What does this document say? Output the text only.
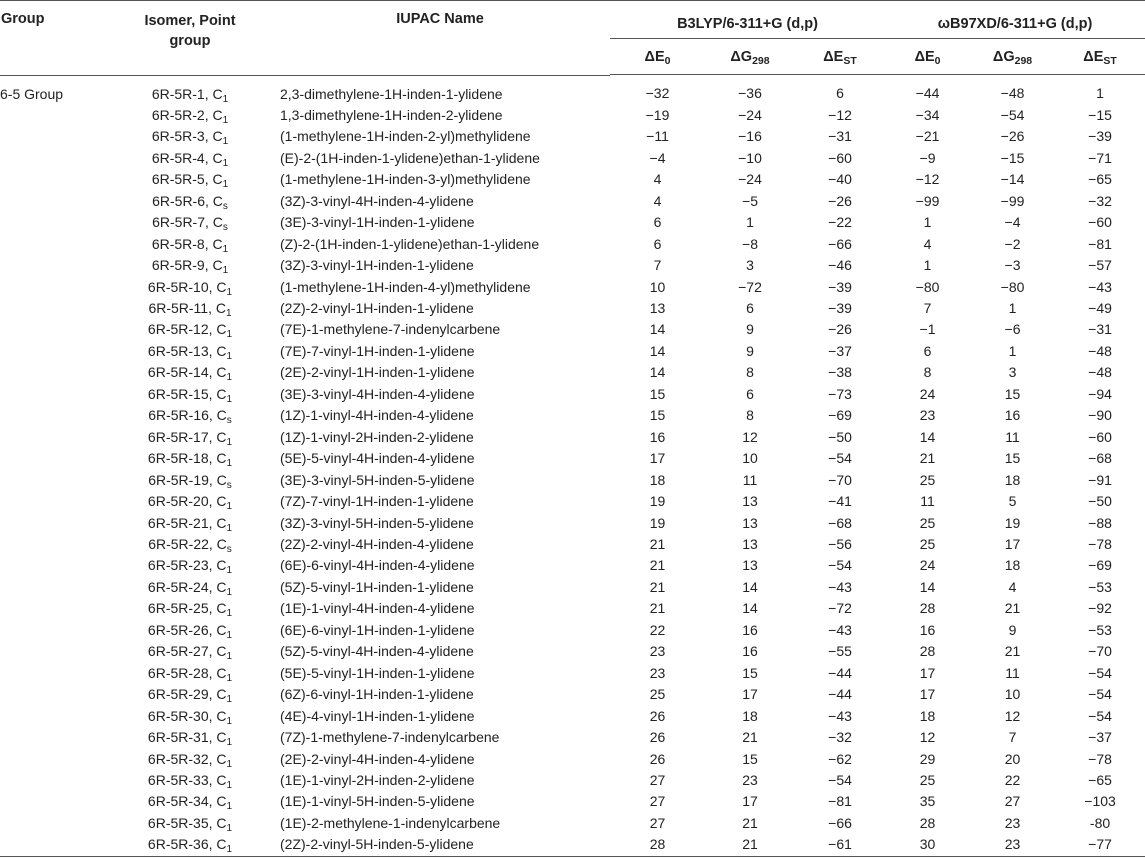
Group	Isomer, Point
group	IUPAC Name	B3LYP/6-311+G (d,p)			ωB97XD/6-311+G (d,p)		
			$\Delta E_0$	$\Delta G_{298}$	$\Delta E_{ST}$	$\Delta E_0$	$\Delta G_{298}$	$\Delta E_{ST}$

6-5 Group	6R-5R-1, $C_1$	2,3-dimethylene-1H-inden-1-ylidene	−32	−36	6	−44	−48	1
	6R-5R-2, $C_1$	1,3-dimethylene-1H-inden-2-ylidene	−19	−24	−12	−34	−54	−15
	6R-5R-3, $C_1$	(1-methylene-1H-inden-2-yl)methylidene	−11	−16	−31	−21	−26	−39
	6R-5R-4, $C_1$	(E)-2-(1H-inden-1-ylidene)ethan-1-ylidene	−4	−10	−60	−9	−15	−71
	6R-5R-5, $C_1$	(1-methylene-1H-inden-3-yl)methylidene	4	−24	−40	−12	−14	−65
	6R-5R-6, $C_s$	(3Z)-3-vinyl-4H-inden-4-ylidene	4	−5	−26	−99	−99	−32
	6R-5R-7, $C_s$	(3E)-3-vinyl-1H-inden-1-ylidene	6	1	−22	1	−4	−60
	6R-5R-8, $C_1$	(Z)-2-(1H-inden-1-ylidene)ethan-1-ylidene	6	−8	−66	4	−2	−81
	6R-5R-9, $C_1$	(3Z)-3-vinyl-1H-inden-1-ylidene	7	3	−46	1	−3	−57
	6R-5R-10, $C_1$	(1-methylene-1H-inden-4-yl)methylidene	10	−72	−39	−80	−80	−43
	6R-5R-11, $C_1$	(2Z)-2-vinyl-1H-inden-1-ylidene	13	6	−39	7	1	−49
	6R-5R-12, $C_1$	(7E)-1-methylene-7-indenylcarbene	14	9	−26	−1	−6	−31
	6R-5R-13, $C_1$	(7E)-7-vinyl-1H-inden-1-ylidene	14	9	−37	6	1	−48
	6R-5R-14, $C_1$	(2E)-2-vinyl-1H-inden-1-ylidene	14	8	−38	8	3	−48
	6R-5R-15, $C_1$	(3E)-3-vinyl-4H-inden-4-ylidene	15	6	−73	24	15	−94
	6R-5R-16, $C_s$	(1Z)-1-vinyl-4H-inden-4-ylidene	15	8	−69	23	16	−90
	6R-5R-17, $C_1$	(1Z)-1-vinyl-2H-inden-2-ylidene	16	12	−50	14	11	−60
	6R-5R-18, $C_1$	(5E)-5-vinyl-4H-inden-4-ylidene	17	10	−54	21	15	−68
	6R-5R-19, $C_s$	(3E)-3-vinyl-5H-inden-5-ylidene	18	11	−70	25	18	−91
	6R-5R-20, $C_1$	(7Z)-7-vinyl-1H-inden-1-ylidene	19	13	−41	11	5	−50
	6R-5R-21, $C_1$	(3Z)-3-vinyl-5H-inden-5-ylidene	19	13	−68	25	19	−88
	6R-5R-22, $C_s$	(2Z)-2-vinyl-4H-inden-4-ylidene	21	13	−56	25	17	−78
	6R-5R-23, $C_1$	(6E)-6-vinyl-4H-inden-4-ylidene	21	13	−54	24	18	−69
	6R-5R-24, $C_1$	(5Z)-5-vinyl-1H-inden-1-ylidene	21	14	−43	14	4	−53
	6R-5R-25, $C_1$	(1E)-1-vinyl-4H-inden-4-ylidene	21	14	−72	28	21	−92
	6R-5R-26, $C_1$	(6E)-6-vinyl-1H-inden-1-ylidene	22	16	−43	16	9	−53
	6R-5R-27, $C_1$	(5Z)-5-vinyl-4H-inden-4-ylidene	23	16	−55	28	21	−70
	6R-5R-28, $C_1$	(5E)-5-vinyl-1H-inden-1-ylidene	23	15	−44	17	11	−54
	6R-5R-29, $C_1$	(6Z)-6-vinyl-1H-inden-1-ylidene	25	17	−44	17	10	−54
	6R-5R-30, $C_1$	(4E)-4-vinyl-1H-inden-1-ylidene	26	18	−43	18	12	−54
	6R-5R-31, $C_1$	(7Z)-1-methylene-7-indenylcarbene	26	21	−32	12	7	−37
	6R-5R-32, $C_1$	(2E)-2-vinyl-4H-inden-4-ylidene	26	15	−62	29	20	−78
	6R-5R-33, $C_1$	(1E)-1-vinyl-2H-inden-2-ylidene	27	23	−54	25	22	−65
	6R-5R-34, $C_1$	(1E)-1-vinyl-5H-inden-5-ylidene	27	17	−81	35	27	−103
	6R-5R-35, $C_1$	(1E)-2-methylene-1-indenylcarbene	27	21	−66	28	23	-80
	6R-5R-36, $C_1$	(2Z)-2-vinyl-5H-inden-5-ylidene	28	21	−61	30	23	−77
